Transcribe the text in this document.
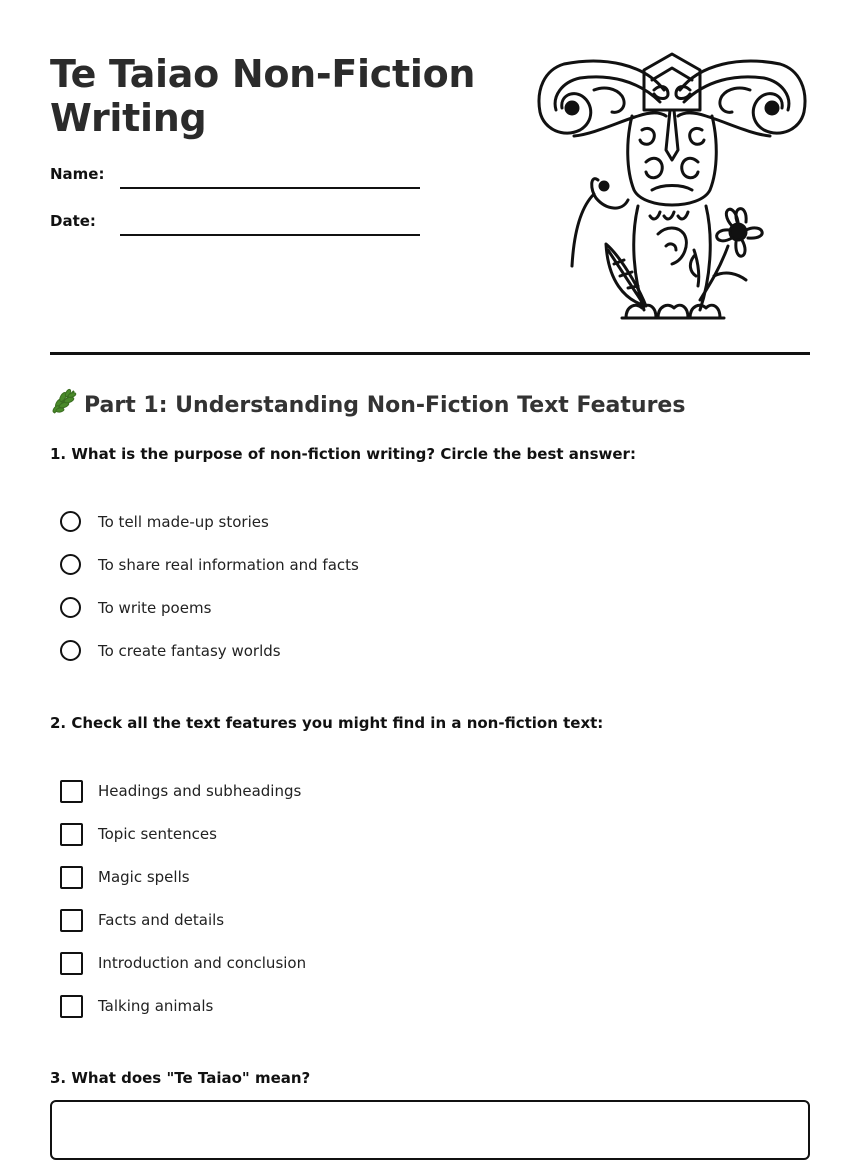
Te Taiao Non-Fiction Writing
Name:
Date:
Part 1: Understanding Non-Fiction Text Features

1. What is the purpose of non-fiction writing? Circle the best answer:

To tell made-up stories
To share real information and facts
To write poems
To create fantasy worlds

2. Check all the text features you might find in a non-fiction text:

Headings and subheadings
Topic sentences
Magic spells
Facts and details
Introduction and conclusion
Talking animals

3. What does "Te Taiao" mean?
